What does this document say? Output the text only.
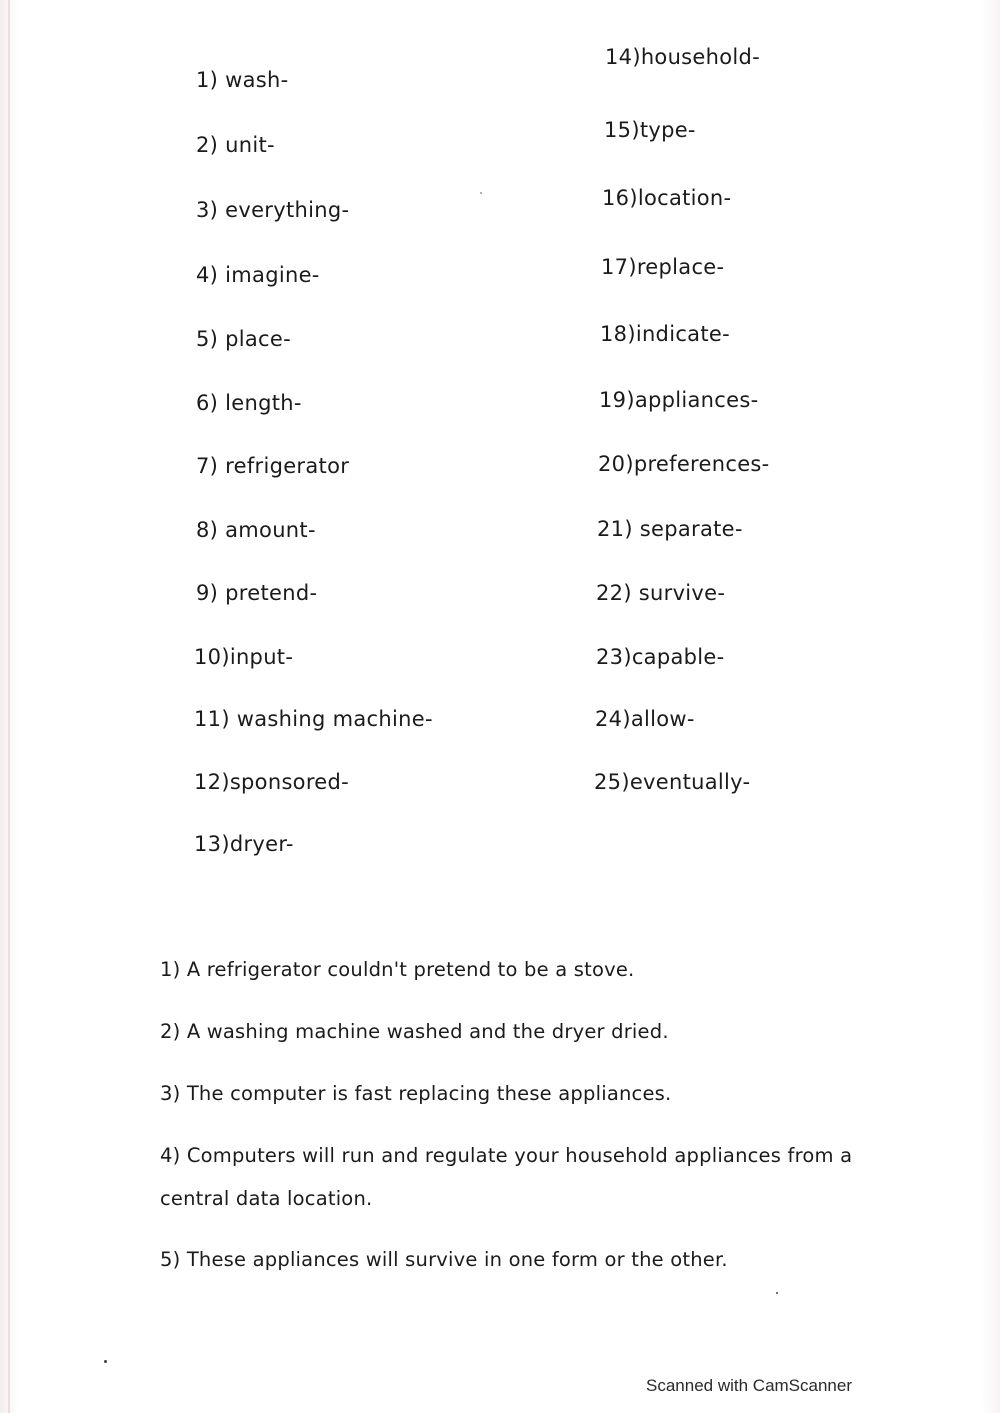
1) wash-
2) unit-
3) everything-
4) imagine-
5) place-
6) length-
7) refrigerator
8) amount-
9) pretend-
10)input-
11) washing machine-
12)sponsored-
13)dryer-
14)household-
15)type-
16)location-
17)replace-
18)indicate-
19)appliances-
20)preferences-
21) separate-
22) survive-
23)capable-
24)allow-
25)eventually-
1) A refrigerator couldn't pretend to be a stove.
2) A washing machine washed and the dryer dried.
3) The computer is fast replacing these appliances.
4) Computers will run and regulate your household appliances from a
central data location.
5) These appliances will survive in one form or the other.
Scanned with CamScanner
